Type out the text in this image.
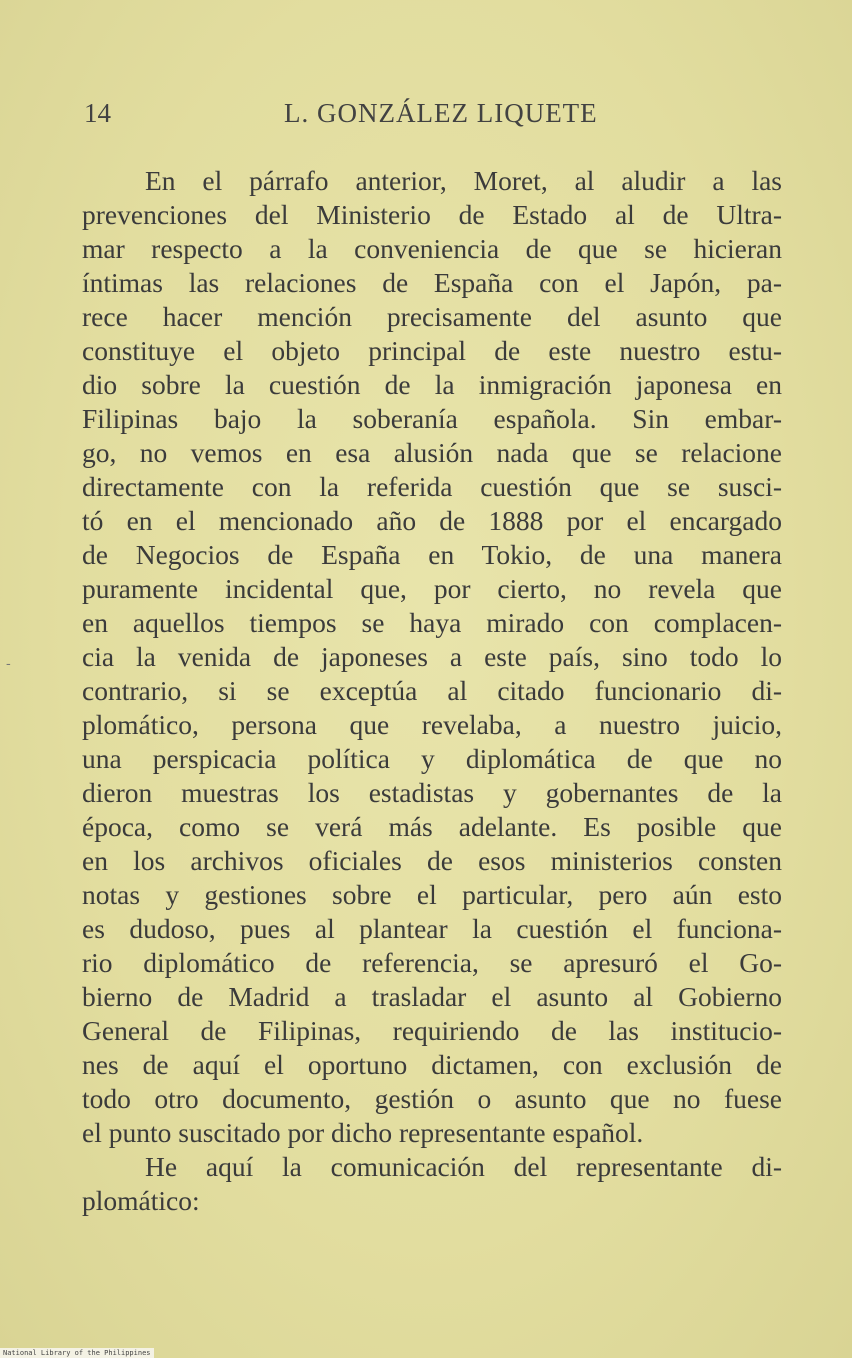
14	L. GONZÁLEZ LIQUETE
-
En el párrafo anterior, Moret, al aludir a las
prevenciones del Ministerio de Estado al de Ultra-
mar respecto a la conveniencia de que se hicieran
íntimas las relaciones de España con el Japón, pa-
rece hacer mención precisamente del asunto que
constituye el objeto principal de este nuestro estu-
dio sobre la cuestión de la inmigración japonesa en
Filipinas bajo la soberanía española. Sin embar-
go, no vemos en esa alusión nada que se relacione
directamente con la referida cuestión que se susci-
tó en el mencionado año de 1888 por el encargado
de Negocios de España en Tokio, de una manera
puramente incidental que, por cierto, no revela que
en aquellos tiempos se haya mirado con complacen-
cia la venida de japoneses a este país, sino todo lo
contrario, si se exceptúa al citado funcionario di-
plomático, persona que revelaba, a nuestro juicio,
una perspicacia política y diplomática de que no
dieron muestras los estadistas y gobernantes de la
época, como se verá más adelante. Es posible que
en los archivos oficiales de esos ministerios consten
notas y gestiones sobre el particular, pero aún esto
es dudoso, pues al plantear la cuestión el funciona-
rio diplomático de referencia, se apresuró el Go-
bierno de Madrid a trasladar el asunto al Gobierno
General de Filipinas, requiriendo de las institucio-
nes de aquí el oportuno dictamen, con exclusión de
todo otro documento, gestión o asunto que no fuese
el punto suscitado por dicho representante español.
He aquí la comunicación del representante di-
plomático:
National Library of the Philippines
